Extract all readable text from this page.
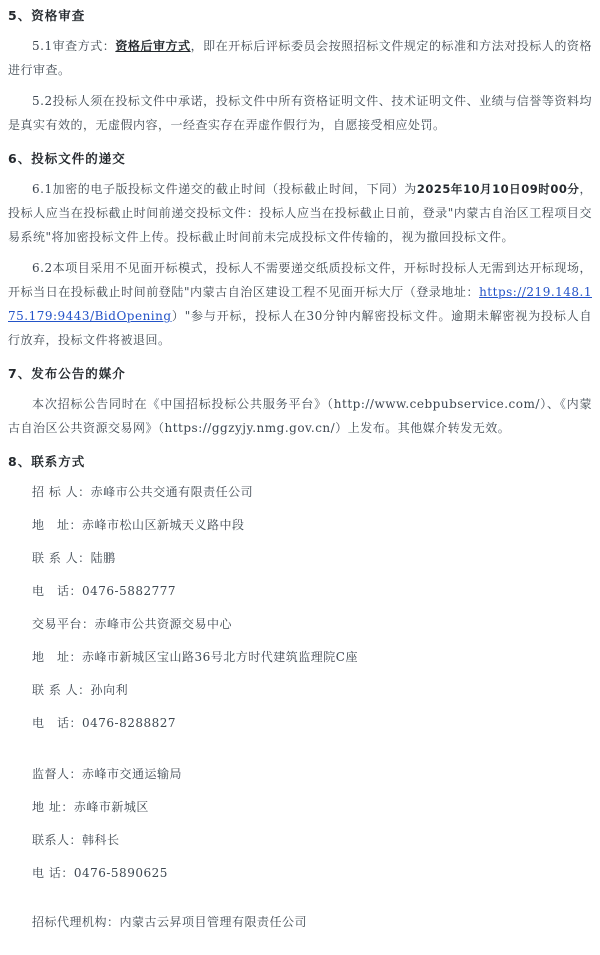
5、资格审查

5.1审查方式：资格后审方式，即在开标后评标委员会按照招标文件规定的标准和方法对投标人的资格进行审查。

5.2投标人须在投标文件中承诺，投标文件中所有资格证明文件、技术证明文件、业绩与信誉等资料均是真实有效的，无虚假内容，一经查实存在弄虚作假行为，自愿接受相应处罚。

6、投标文件的递交

6.1加密的电子版投标文件递交的截止时间（投标截止时间，下同）为2025年10月10日09时00分，投标人应当在投标截止时间前递交投标文件：投标人应当在投标截止日前，登录"内蒙古自治区工程项目交易系统"将加密投标文件上传。投标截止时间前未完成投标文件传输的，视为撤回投标文件。

6.2本项目采用不见面开标模式，投标人不需要递交纸质投标文件，开标时投标人无需到达开标现场，开标当日在投标截止时间前登陆"内蒙古自治区建设工程不见面开标大厅（登录地址：https://219.148.175.179:9443/BidOpening）"参与开标，投标人在30分钟内解密投标文件。逾期未解密视为投标人自行放弃，投标文件将被退回。

7、发布公告的媒介

本次招标公告同时在《中国招标投标公共服务平台》（http://www.cebpubservice.com/）、《内蒙古自治区公共资源交易网》（https://ggzyjy.nmg.gov.cn/）上发布。其他媒介转发无效。

8、联系方式

招 标 人：赤峰市公共交通有限责任公司

地　址：赤峰市松山区新城天义路中段

联 系 人：陆鹏

电　话：0476-5882777

交易平台：赤峰市公共资源交易中心

地　址：赤峰市新城区宝山路36号北方时代建筑监理院C座

联 系 人：孙向利

电　话：0476-8288827

监督人：赤峰市交通运输局

地 址：赤峰市新城区

联系人：韩科长

电 话：0476-5890625

招标代理机构：内蒙古云昇项目管理有限责任公司
